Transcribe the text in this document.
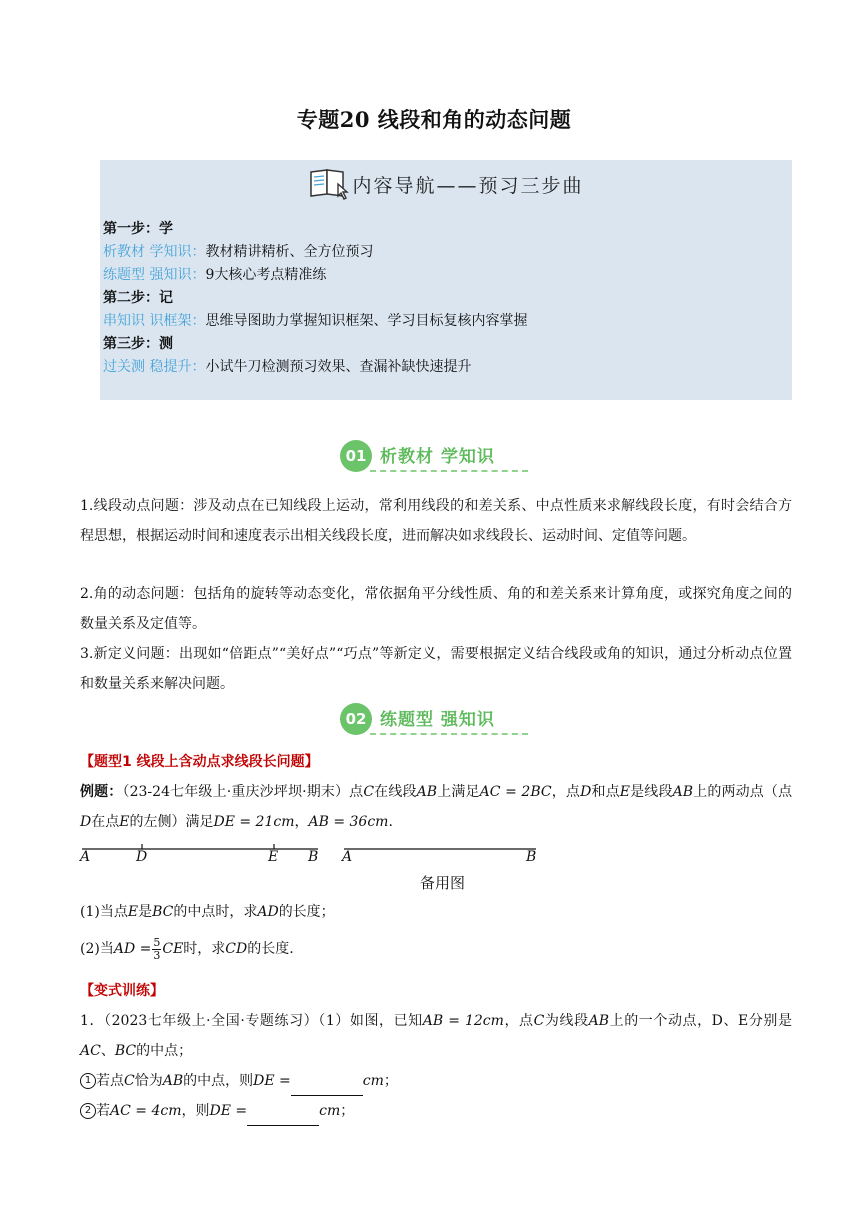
专题20 线段和角的动态问题
内容导航——预习三步曲
第一步：学
析教材 学知识：教材精讲精析、全方位预习
练题型 强知识：9大核心考点精准练
第二步：记
串知识 识框架：思维导图助力掌握知识框架、学习目标复核内容掌握
第三步：测
过关测 稳提升：小试牛刀检测预习效果、查漏补缺快速提升
01 析教材 学知识
1.线段动点问题：涉及动点在已知线段上运动，常利用线段的和差关系、中点性质来求解线段长度，有时会结合方程思想，根据运动时间和速度表示出相关线段长度，进而解决如求线段长、运动时间、定值等问题。
2.角的动态问题：包括角的旋转等动态变化，常依据角平分线性质、角的和差关系来计算角度，或探究角度之间的数量关系及定值等。
3.新定义问题：出现如“倍距点”“美好点”“巧点”等新定义，需要根据定义结合线段或角的知识，通过分析动点位置和数量关系来解决问题。
02 练题型 强知识
【题型1 线段上含动点求线段长问题】
例题：（23-24七年级上·重庆沙坪坝·期末）点C在线段AB上满足AC = 2BC，点D和点E是线段AB上的两动点（点D在点E的左侧）满足DE = 21cm，AB = 36cm.
A	D	E B A	B
备用图
(1)当点E是BC的中点时，求AD的长度；
(2)当AD = $\frac{5}{3}$ CE时，求CD的长度.
【变式训练】
1．（2023七年级上·全国·专题练习）（1）如图，已知AB = 12cm，点C为线段AB上的一个动点，D、E分别是AC、BC的中点；
1 若点C恰为AB的中点，则DE =	cm；
2 若AC = 4cm，则DE =	cm；
